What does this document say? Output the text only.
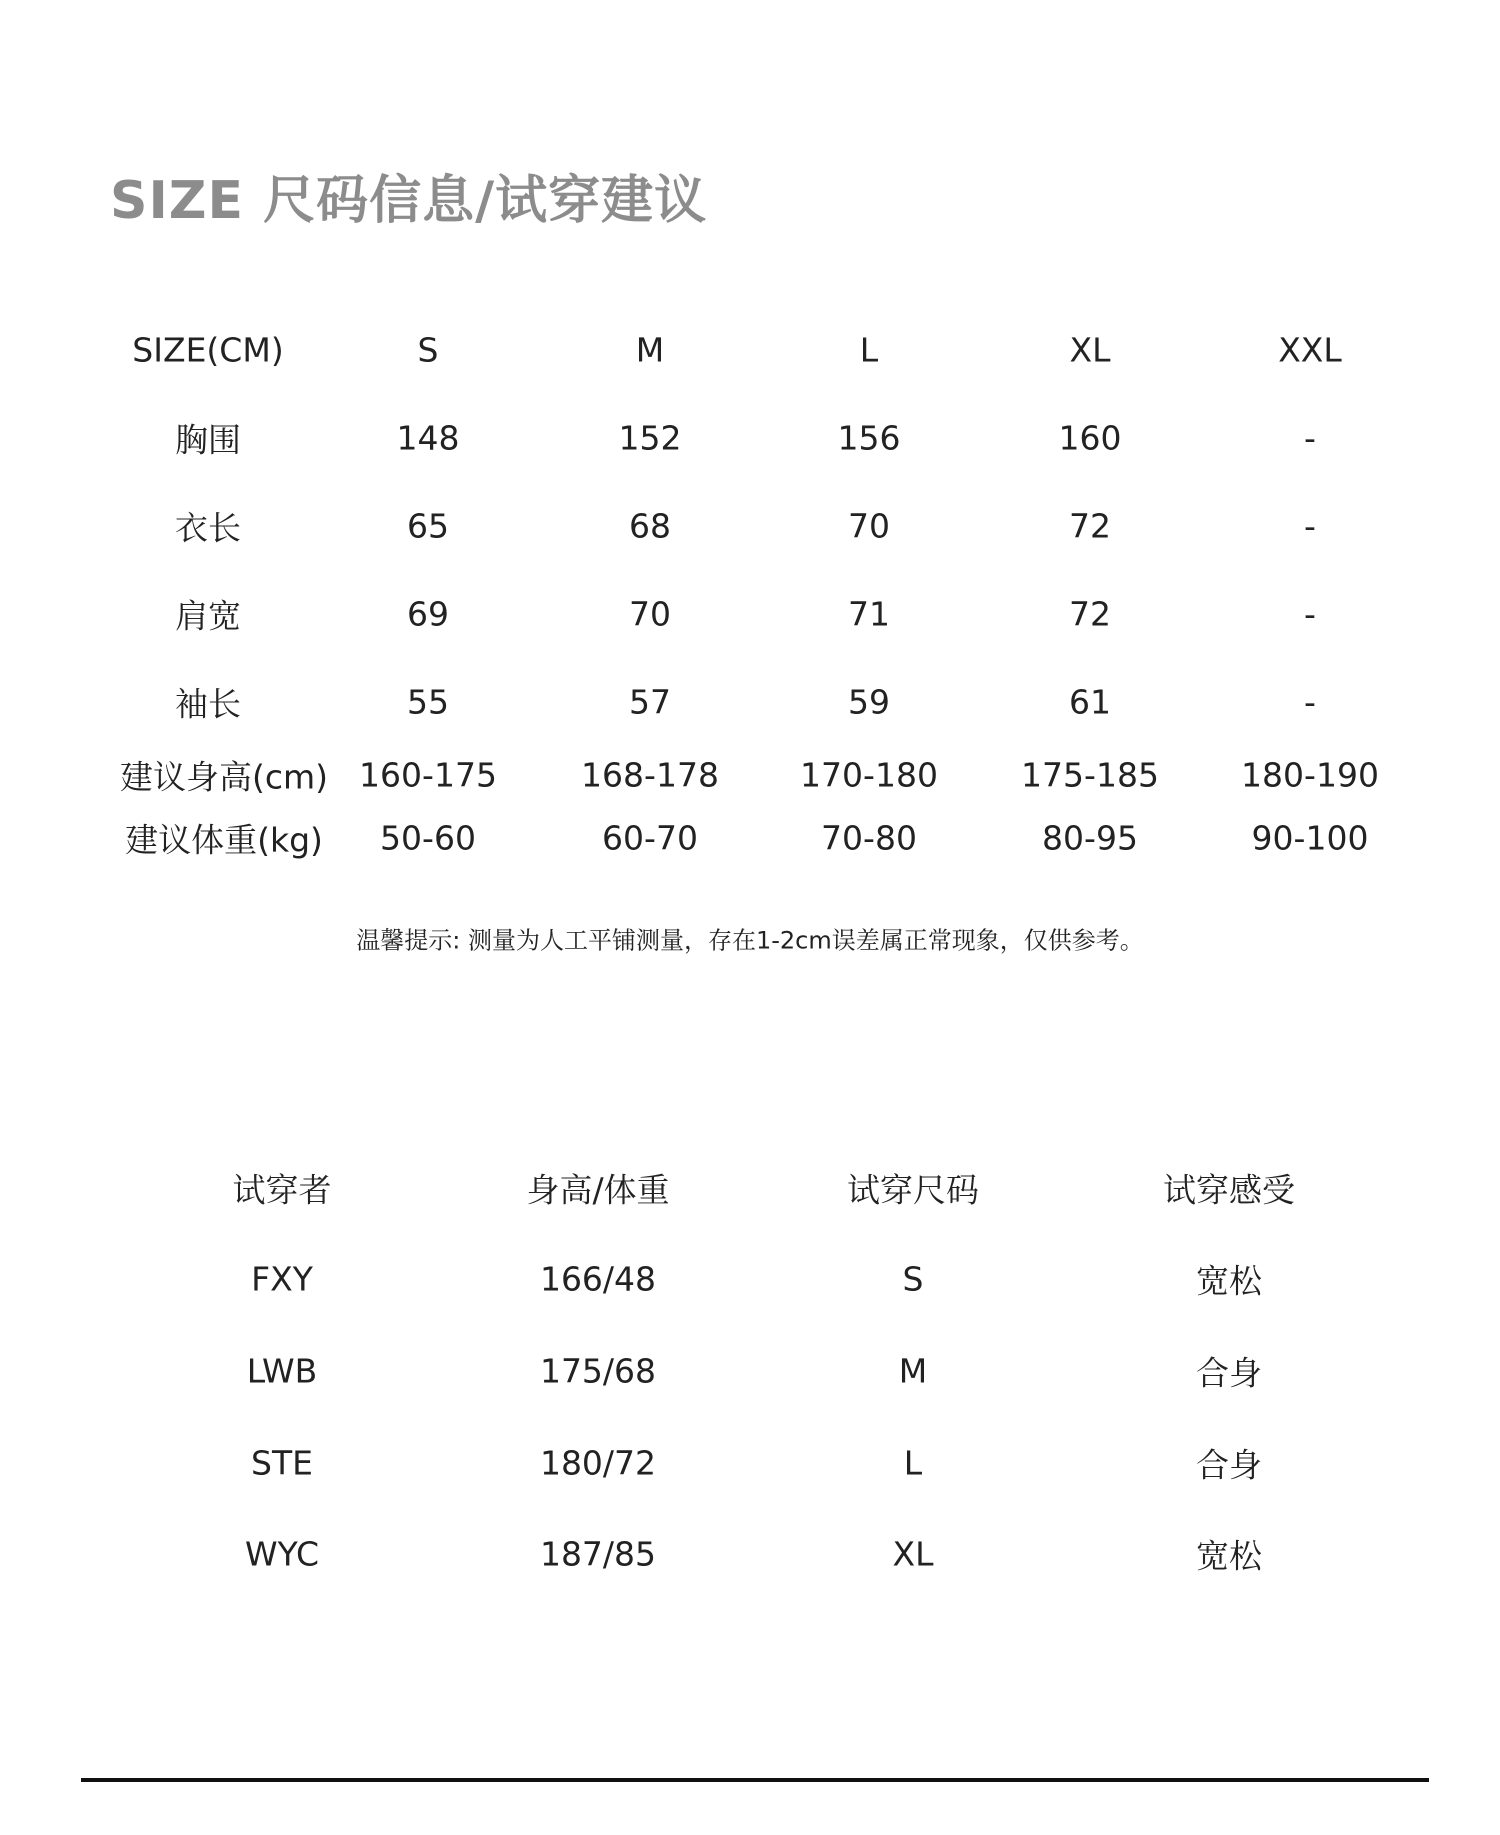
SIZE 尺码信息/试穿建议
SIZE(CM)	S	M	L	XL	XXL
胸围	148	152	156	160	-
衣长	65	68	70	72	-
肩宽	69	70	71	72	-
袖长	55	57	59	61	-
建议身高(cm) 160-175	168-178 170-180	175-185 180-190
建议体重(kg) 50-60	60-70	70-80	80-95	90-100
温馨提示: 测量为人工平铺测量，存在1-2cm误差属正常现象，仅供参考。
试穿者	身高/体重	试穿尺码	试穿感受
FXY	166/48	S	宽松
LWB	175/68	M	合身
STE	180/72	L	合身
WYC	187/85	XL	宽松
